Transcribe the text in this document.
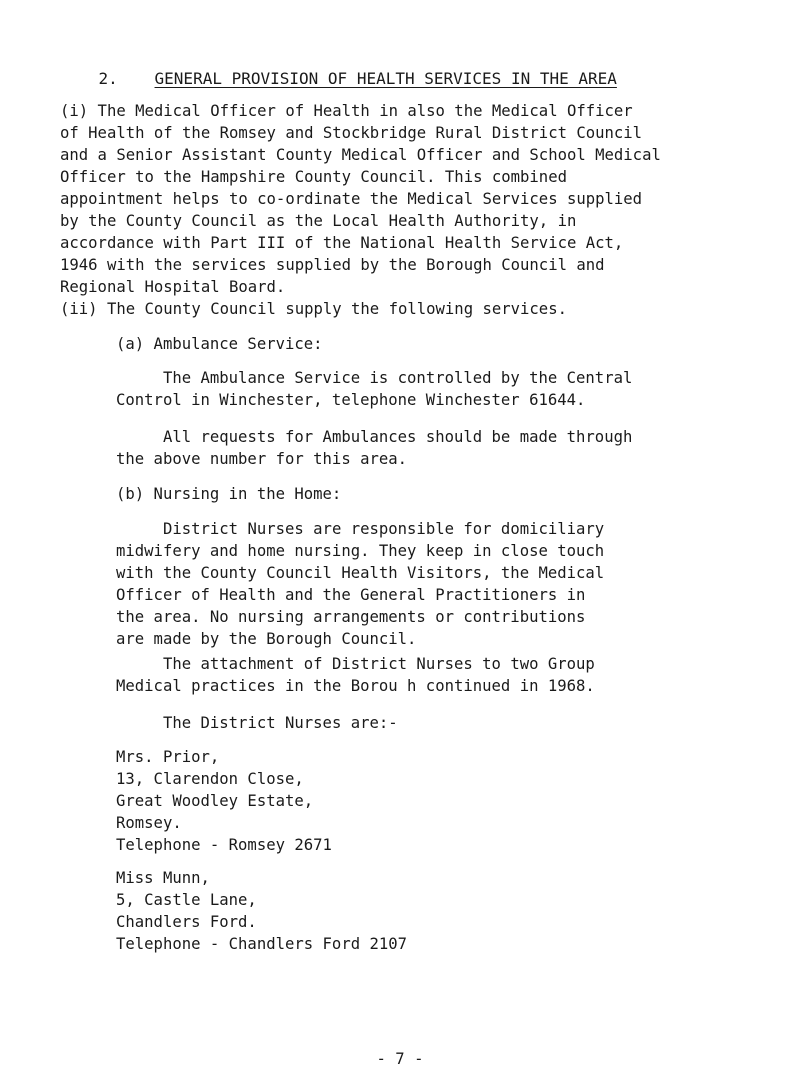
2. GENERAL PROVISION OF HEALTH SERVICES IN THE AREA

(i) The Medical Officer of Health in also the Medical Officer
of Health of the Romsey and Stockbridge Rural District Council
and a Senior Assistant County Medical Officer and School Medical
Officer to the Hampshire County Council. This combined
appointment helps to co-ordinate the Medical Services supplied
by the County Council as the Local Health Authority, in
accordance with Part III of the National Health Service Act,
1946 with the services supplied by the Borough Council and
Regional Hospital Board.

(ii) The County Council supply the following services.

(a) Ambulance Service:

The Ambulance Service is controlled by the Central
Control in Winchester, telephone Winchester 61644.

All requests for Ambulances should be made through
the above number for this area.

(b) Nursing in the Home:

District Nurses are responsible for domiciliary
midwifery and home nursing. They keep in close touch
with the County Council Health Visitors, the Medical
Officer of Health and the General Practitioners in
the area. No nursing arrangements or contributions
are made by the Borough Council.

The attachment of District Nurses to two Group
Medical practices in the Borou h continued in 1968.

The District Nurses are:-

Mrs. Prior,
13, Clarendon Close,
Great Woodley Estate,
Romsey.
Telephone - Romsey 2671

Miss Munn,
5, Castle Lane,
Chandlers Ford.
Telephone - Chandlers Ford 2107

- 7 -
